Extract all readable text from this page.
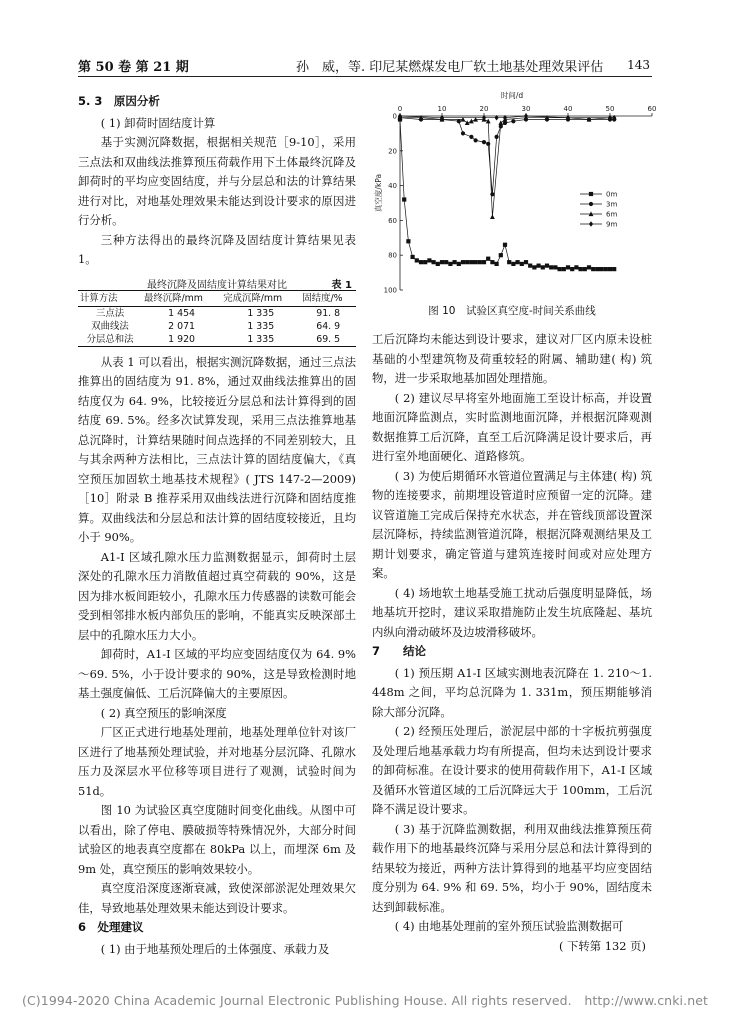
第 50 卷 第 21 期	孙　威，等. 印尼某燃煤发电厂软土地基处理效果评估 143
5. 3　原因分析

( 1) 卸荷时固结度计算

基于实测沉降数据，根据相关规范［9-10］，采用三点法和双曲线法推算预压荷载作用下土体最终沉降及卸荷时的平均应变固结度，并与分层总和法的计算结果进行对比，对地基处理效果未能达到设计要求的原因进行分析。

三种方法得出的最终沉降及固结度计算结果见表 1。

最终沉降及固结度计算结果对比	表 1
计算方法	最终沉降/mm	完成沉降/mm	固结度/%
三点法	1 454	1 335	91. 8
双曲线法	2 071	1 335	64. 9
分层总和法	1 920	1 335	69. 5

从表 1 可以看出，根据实测沉降数据，通过三点法推算出的固结度为 91. 8%，通过双曲线法推算出的固结度仅为 64. 9%，比较接近分层总和法计算得到的固结度 69. 5%。经多次试算发现，采用三点法推算地基总沉降时，计算结果随时间点选择的不同差别较大，且与其余两种方法相比，三点法计算的固结度偏大，《真空预压加固软土地基技术规程》( JTS 147-2—2009)［10］附录 B 推荐采用双曲线法进行沉降和固结度推算。双曲线法和分层总和法计算的固结度较接近，且均小于 90%。

A1-I 区域孔隙水压力监测数据显示，卸荷时土层深处的孔隙水压力消散值超过真空荷载的 90%，这是因为排水板间距较小，孔隙水压力传感器的读数可能会受到相邻排水板内部负压的影响，不能真实反映深部土层中的孔隙水压力大小。

卸荷时，A1-I 区域的平均应变固结度仅为 64. 9%～69. 5%，小于设计要求的 90%，这是导致检测时地基土强度偏低、工后沉降偏大的主要原因。

( 2) 真空预压的影响深度

厂区正式进行地基处理前，地基处理单位针对该厂区进行了地基预处理试验，并对地基分层沉降、孔隙水压力及深层水平位移等项目进行了观测，试验时间为 51d。

图 10 为试验区真空度随时间变化曲线。从图中可以看出，除了停电、膜破损等特殊情况外，大部分时间试验区的地表真空度都在 80kPa 以上，而埋深 6m 及 9m 处，真空预压的影响效果较小。

真空度沿深度逐渐衰减，致使深部淤泥处理效果欠佳，导致地基处理效果未能达到设计要求。

6　处理建议

( 1) 由于地基预处理后的土体强度、承载力及

0	10	20	30	40	50	60
0
20
40
60
80
100
时间/d
真空度/kPa	0m
3m
6m
9m
图 10　试验区真空度-时间关系曲线

工后沉降均未能达到设计要求，建议对厂区内原未设桩基础的小型建筑物及荷重较轻的附属、辅助建( 构) 筑物，进一步采取地基加固处理措施。

( 2) 建议尽早将室外地面施工至设计标高，并设置地面沉降监测点，实时监测地面沉降，并根据沉降观测数据推算工后沉降，直至工后沉降满足设计要求后，再进行室外地面硬化、道路修筑。

( 3) 为使后期循环水管道位置满足与主体建( 构) 筑物的连接要求，前期埋设管道时应预留一定的沉降。建议管道施工完成后保持充水状态，并在管线顶部设置深层沉降标，持续监测管道沉降，根据沉降观测结果及工期计划要求，确定管道与建筑连接时间或对应处理方案。

( 4) 场地软土地基受施工扰动后强度明显降低，场地基坑开挖时，建议采取措施防止发生坑底隆起、基坑内纵向滑动破坏及边坡滑移破坏。

7　　结论

( 1) 预压期 A1-I 区域实测地表沉降在 1. 210～1. 448m 之间，平均总沉降为 1. 331m，预压期能够消除大部分沉降。

( 2) 经预压处理后，淤泥层中部的十字板抗剪强度及处理后地基承载力均有所提高，但均未达到设计要求的卸荷标准。在设计要求的使用荷载作用下，A1-I 区域及循环水管道区域的工后沉降远大于 100mm，工后沉降不满足设计要求。

( 3) 基于沉降监测数据，利用双曲线法推算预压荷载作用下的地基最终沉降与采用分层总和法计算得到的结果较为接近，两种方法计算得到的地基平均应变固结度分别为 64. 9% 和 69. 5%，均小于 90%，固结度未达到卸载标准。

( 4) 由地基处理前的室外预压试验监测数据可

( 下转第 132 页)
(C)1994-2020 China Academic Journal Electronic Publishing House. All rights reserved.　http://www.cnki.net
